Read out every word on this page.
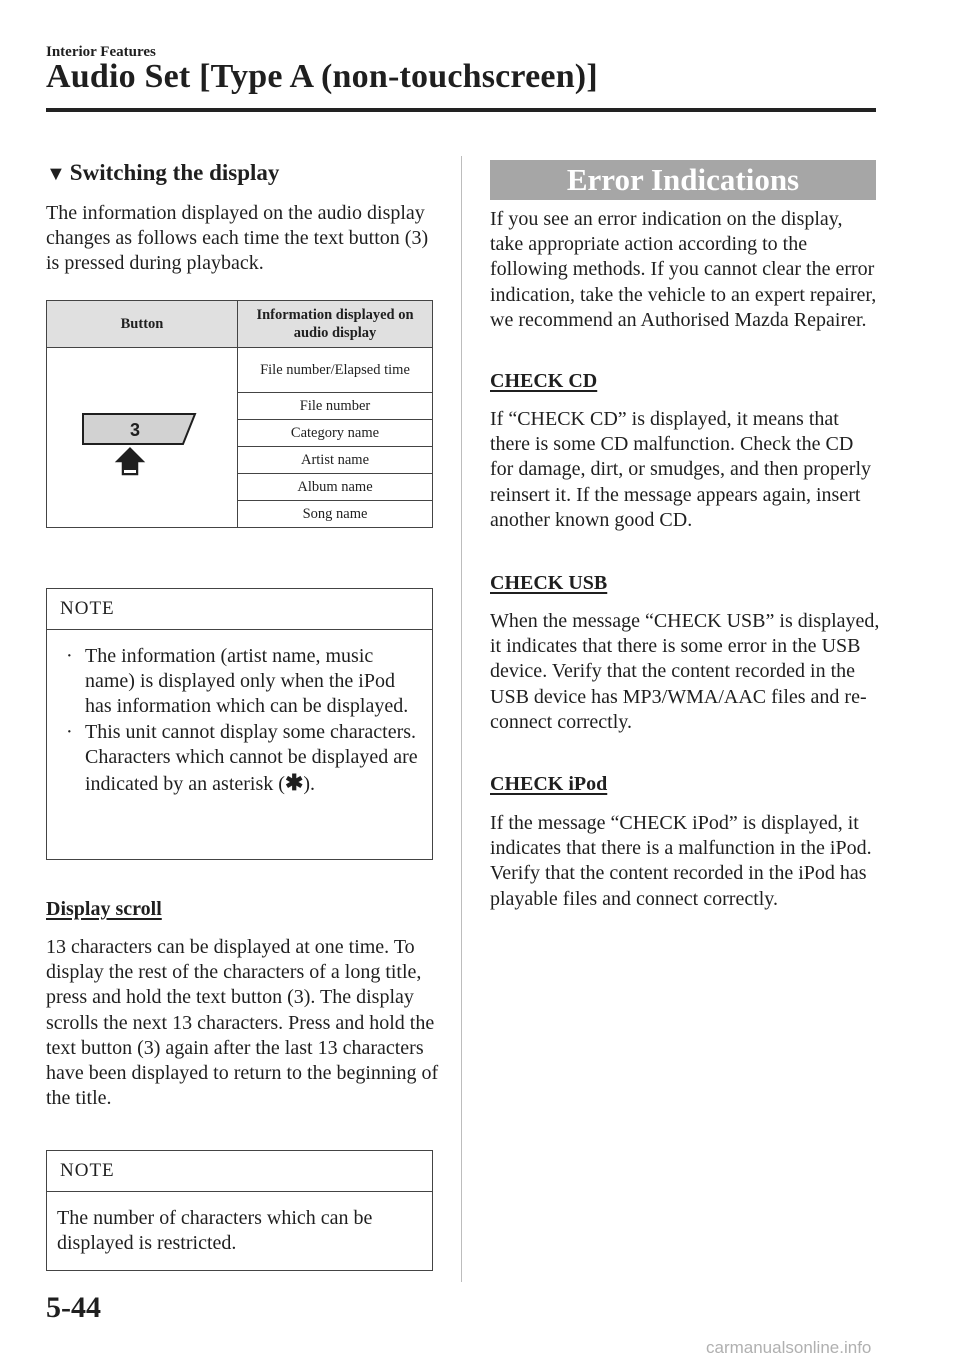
Interior Features
Audio Set [Type A (non-touchscreen)]
▼ Switching the display
The information displayed on the audio display changes as follows each time the text button (3) is pressed during playback.
Button	Information displayed on audio display

3	File number/Elapsed time
	File number
	Category name
	Artist name
	Album name
	Song name
NOTE
· The information (artist name, music name) is displayed only when the iPod has information which can be displayed.
· This unit cannot display some characters. Characters which cannot be displayed are indicated by an asterisk (✱).
Display scroll
13 characters can be displayed at one time. To display the rest of the characters of a long title, press and hold the text button (3). The display scrolls the next 13 characters. Press and hold the text button (3) again after the last 13 characters have been displayed to return to the beginning of the title.
NOTE
The number of characters which can be displayed is restricted.
Error Indications
If you see an error indication on the display, take appropriate action according to the following methods. If you cannot clear the error indication, take the vehicle to an expert repairer, we recommend an Authorised Mazda Repairer.
CHECK CD
If “CHECK CD” is displayed, it means that there is some CD malfunction. Check the CD for damage, dirt, or smudges, and then properly reinsert it. If the message appears again, insert another known good CD.
CHECK USB
When the message “CHECK USB” is displayed, it indicates that there is some error in the USB device. Verify that the content recorded in the USB device has MP3/WMA/AAC files and re-connect correctly.
CHECK iPod
If the message “CHECK iPod” is displayed, it indicates that there is a malfunction in the iPod. Verify that the content recorded in the iPod has playable files and connect correctly.
5-44
carmanualsonline.info
